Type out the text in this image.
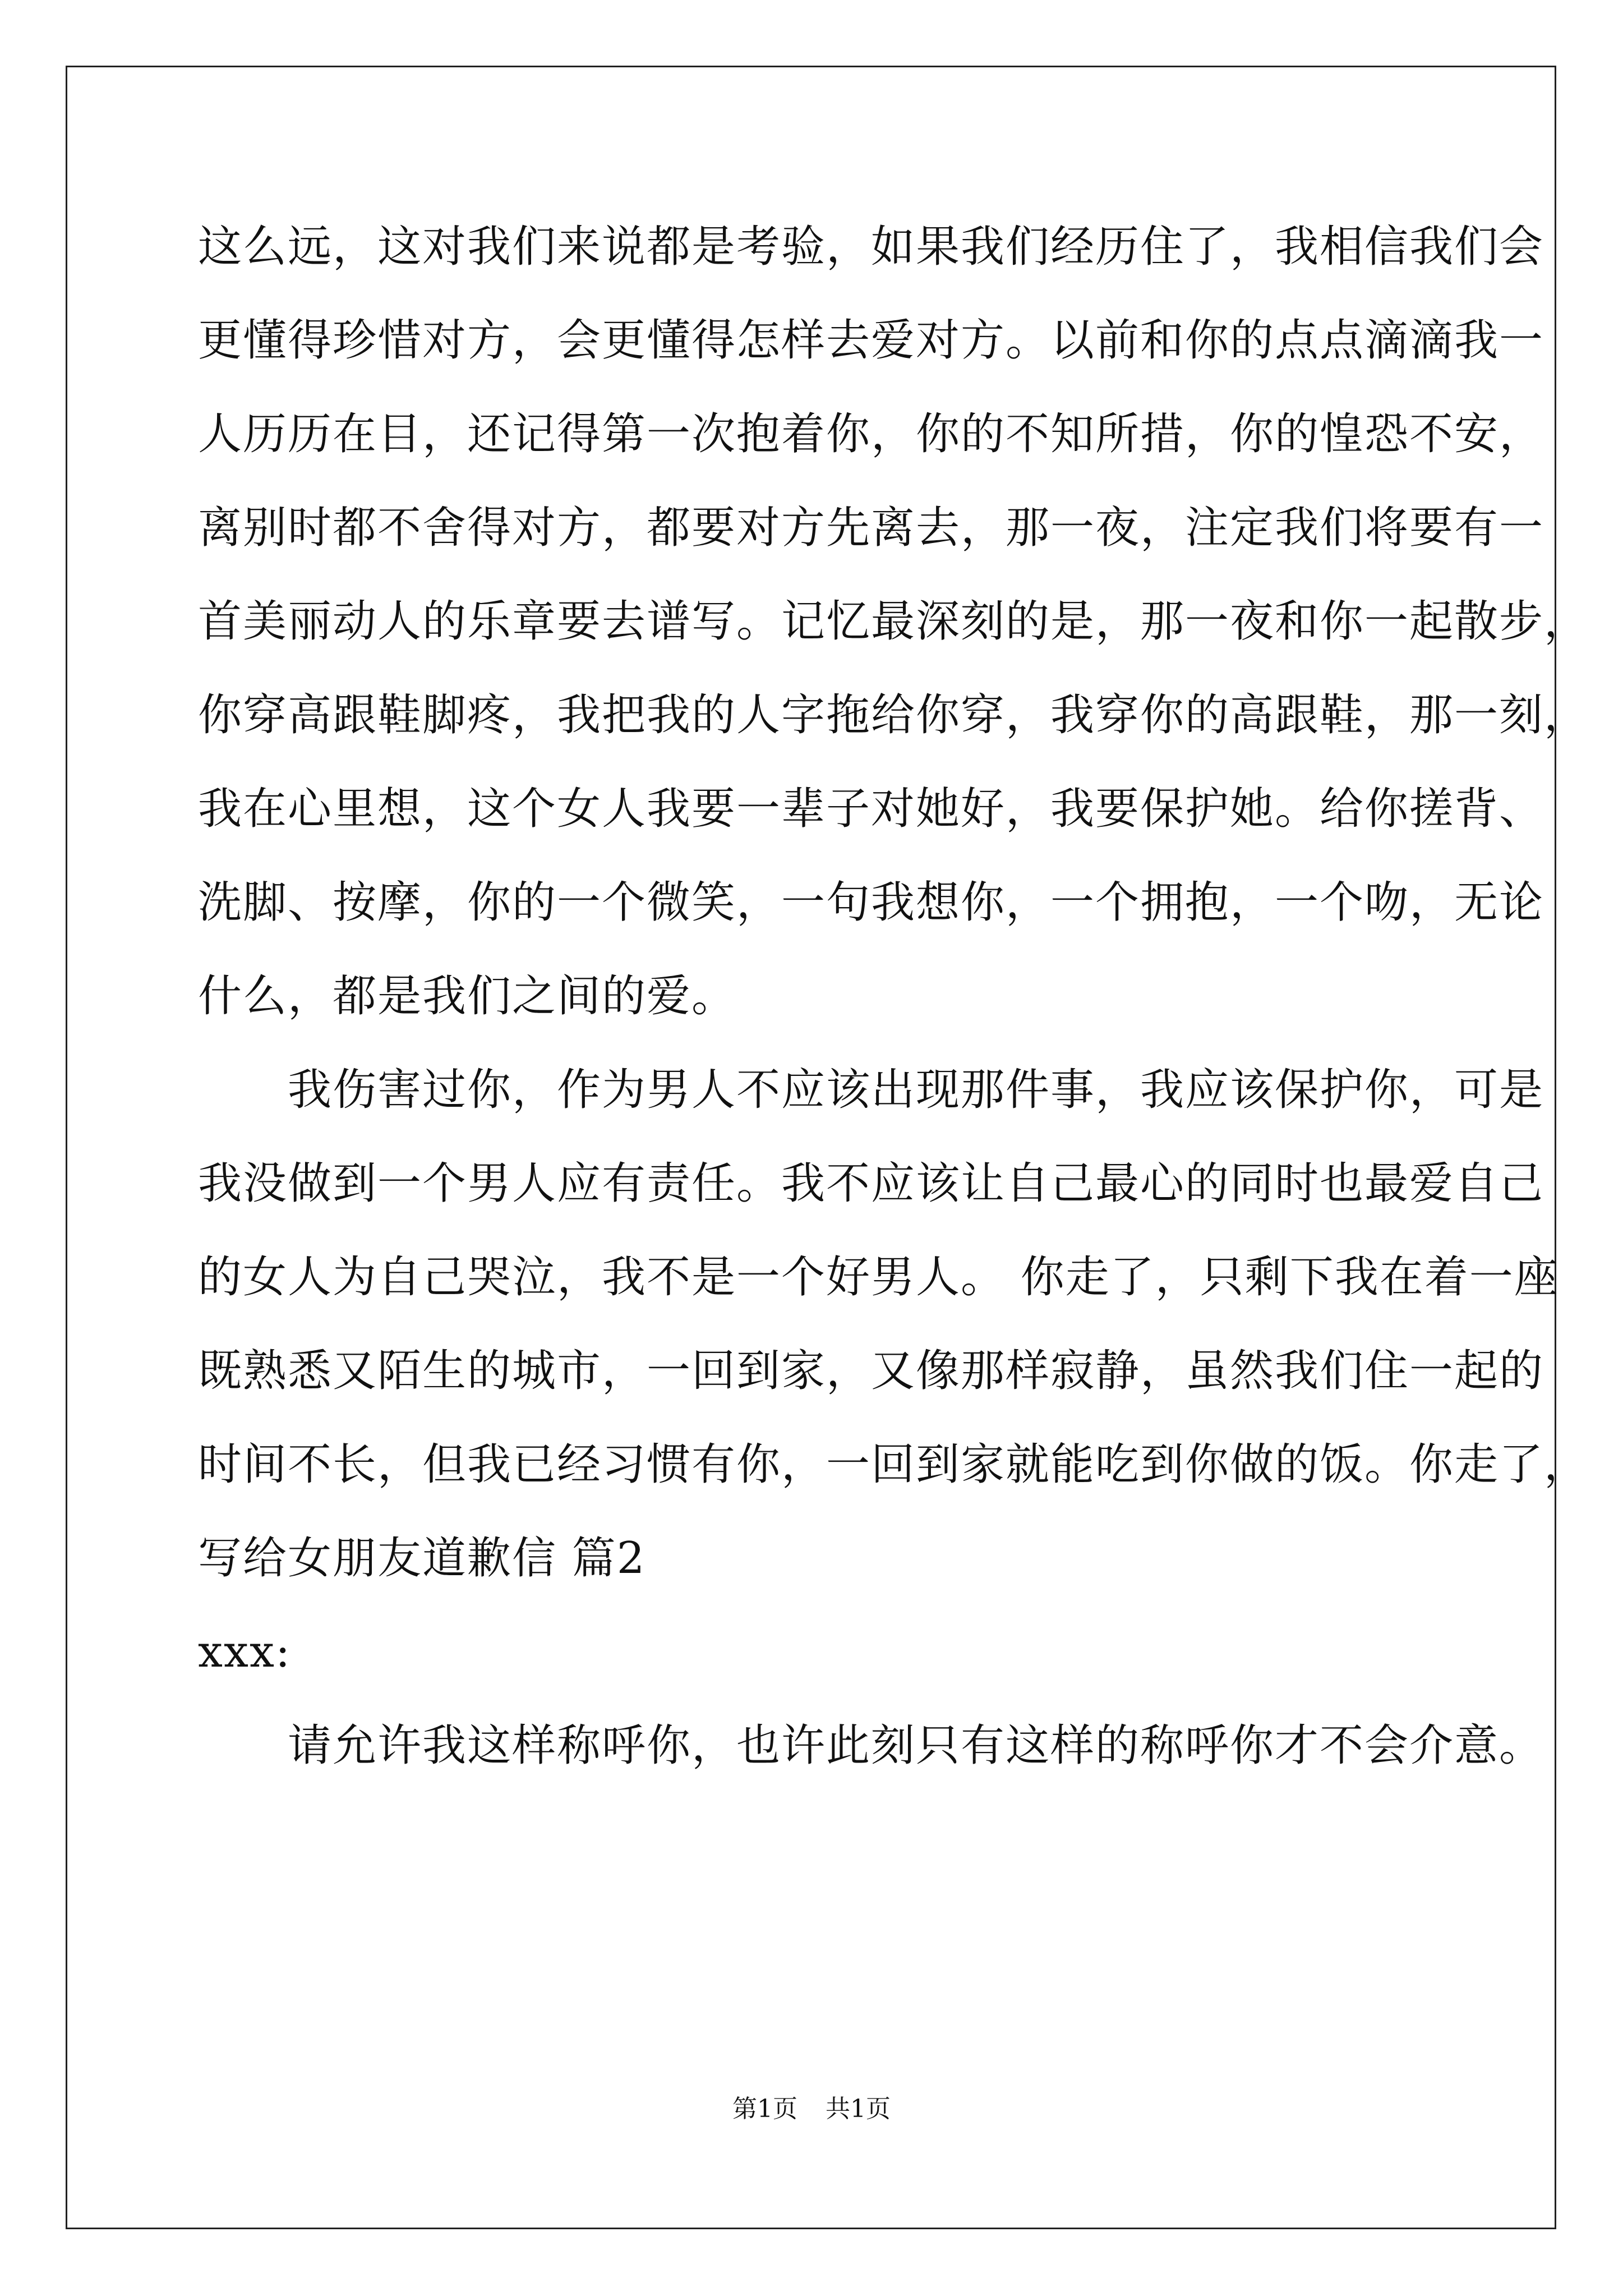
这么远，这对我们来说都是考验，如果我们经历住了，我相信我们会
更懂得珍惜对方，会更懂得怎样去爱对方。以前和你的点点滴滴我一
人历历在目，还记得第一次抱着你，你的不知所措，你的惶恐不安，
离别时都不舍得对方，都要对方先离去，那一夜，注定我们将要有一
首美丽动人的乐章要去谱写。记忆最深刻的是，那一夜和你一起散步，
你穿高跟鞋脚疼，我把我的人字拖给你穿，我穿你的高跟鞋，那一刻，
我在心里想，这个女人我要一辈子对她好，我要保护她。给你搓背、
洗脚、按摩，你的一个微笑，一句我想你，一个拥抱，一个吻，无论
什么，都是我们之间的爱。
我伤害过你，作为男人不应该出现那件事，我应该保护你，可是
我没做到一个男人应有责任。我不应该让自己最心的同时也最爱自己
的女人为自己哭泣，我不是一个好男人。 你走了，只剩下我在着一座
既熟悉又陌生的城市，一回到家，又像那样寂静，虽然我们住一起的
时间不长，但我已经习惯有你，一回到家就能吃到你做的饭。你走了，
写给女朋友道歉信 篇2
xxx:
请允许我这样称呼你，也许此刻只有这样的称呼你才不会介意。
第1页 共1页
